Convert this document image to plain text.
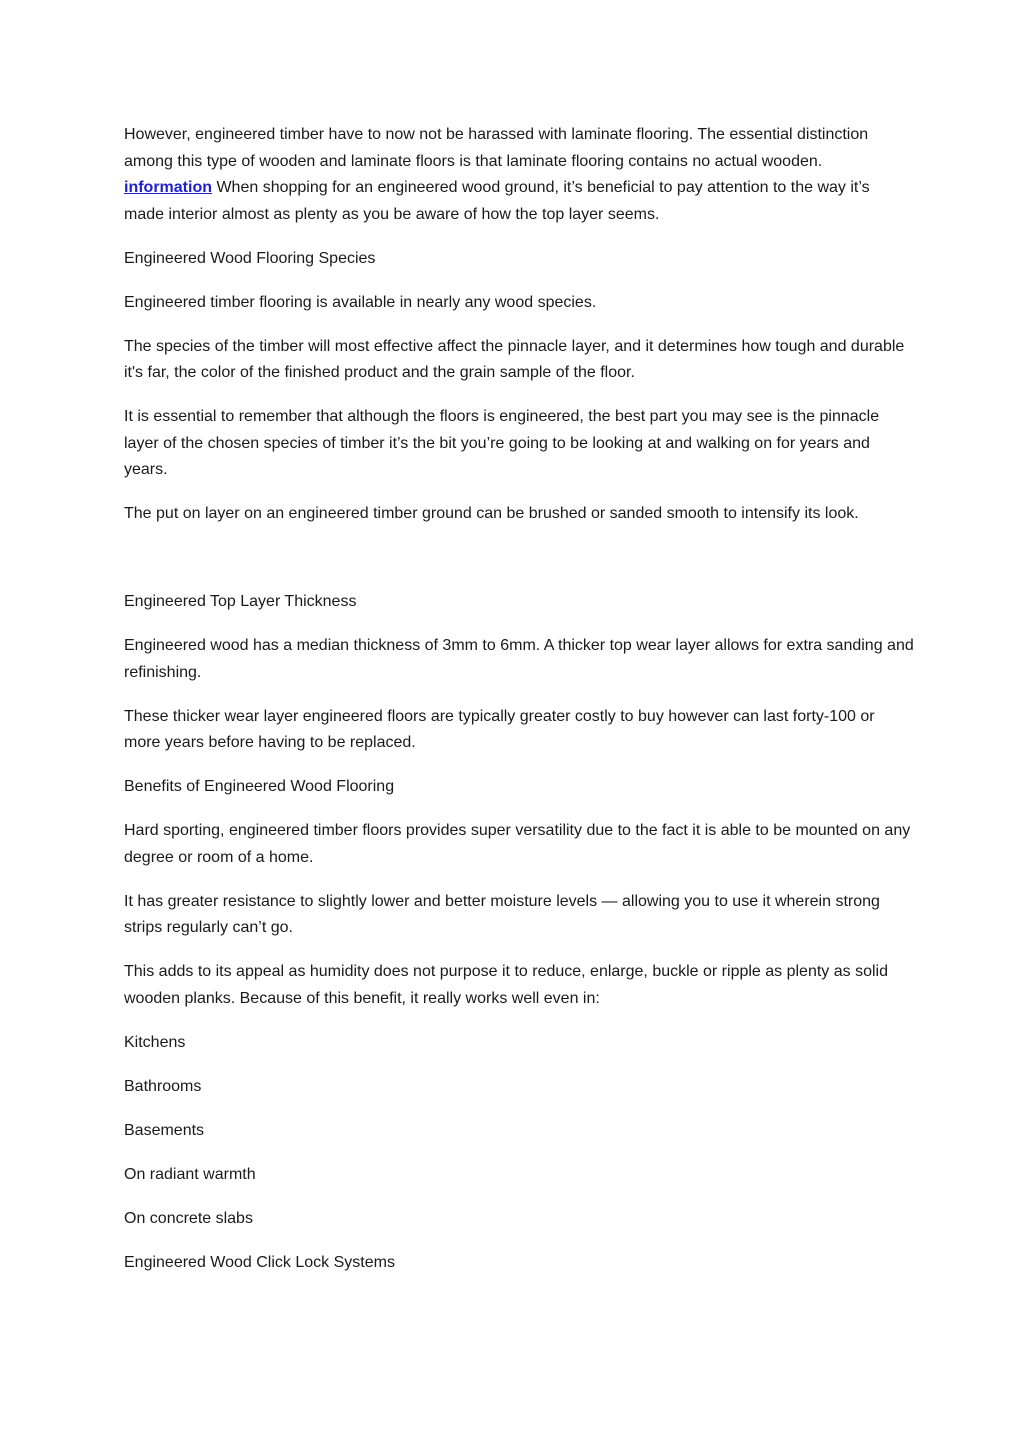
However, engineered timber have to now not be harassed with laminate flooring. The essential distinction among this type of wooden and laminate floors is that laminate flooring contains no actual wooden. information When shopping for an engineered wood ground, it’s beneficial to pay attention to the way it’s made interior almost as plenty as you be aware of how the top layer seems.

Engineered Wood Flooring Species

Engineered timber flooring is available in nearly any wood species.

The species of the timber will most effective affect the pinnacle layer, and it determines how tough and durable it's far, the color of the finished product and the grain sample of the floor.

It is essential to remember that although the floors is engineered, the best part you may see is the pinnacle layer of the chosen species of timber it’s the bit you’re going to be looking at and walking on for years and years.

The put on layer on an engineered timber ground can be brushed or sanded smooth to intensify its look.

Engineered Top Layer Thickness

Engineered wood has a median thickness of 3mm to 6mm. A thicker top wear layer allows for extra sanding and refinishing.

These thicker wear layer engineered floors are typically greater costly to buy however can last forty-100 or more years before having to be replaced.

Benefits of Engineered Wood Flooring

Hard sporting, engineered timber floors provides super versatility due to the fact it is able to be mounted on any degree or room of a home.

It has greater resistance to slightly lower and better moisture levels — allowing you to use it wherein strong strips regularly can’t go.

This adds to its appeal as humidity does not purpose it to reduce, enlarge, buckle or ripple as plenty as solid wooden planks. Because of this benefit, it really works well even in:

Kitchens

Bathrooms

Basements

On radiant warmth

On concrete slabs

Engineered Wood Click Lock Systems
